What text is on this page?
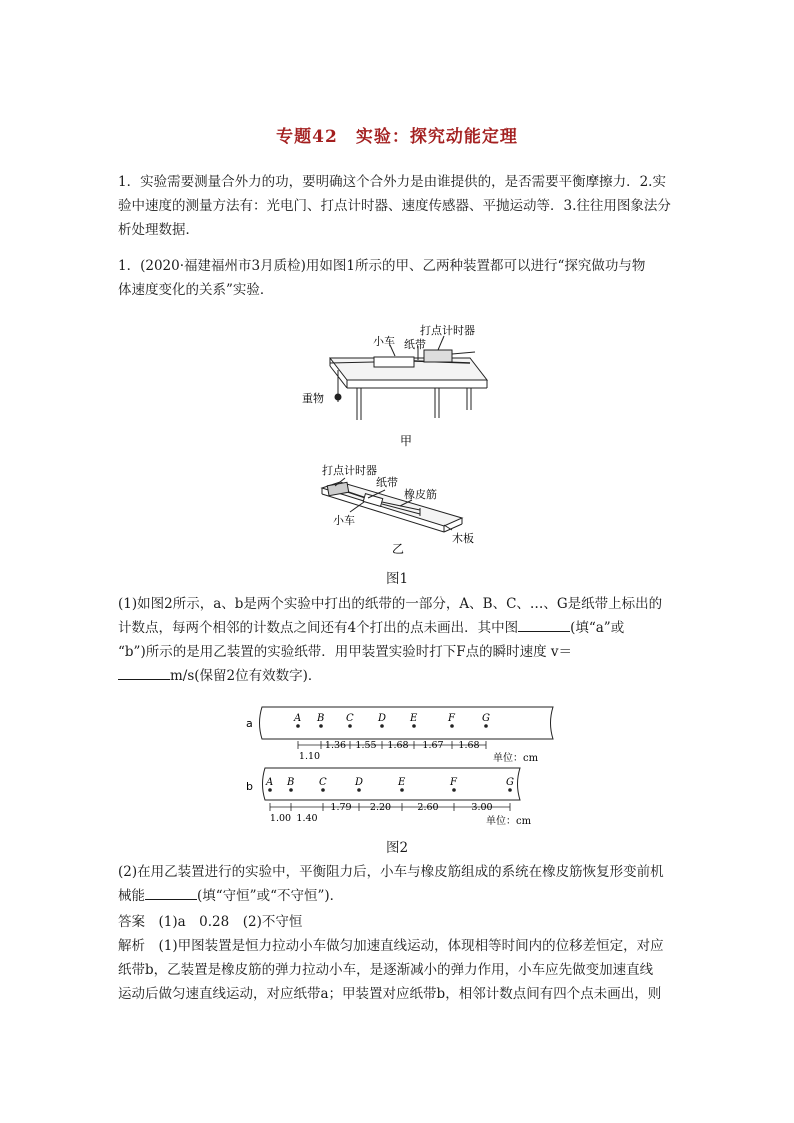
专题42　实验：探究动能定理
1．实验需要测量合外力的功，要明确这个合外力是由谁提供的，是否需要平衡摩擦力．2.实
验中速度的测量方法有：光电门、打点计时器、速度传感器、平抛运动等．3.往往用图象法分
析处理数据．
1．(2020·福建福州市3月质检)用如图1所示的甲、乙两种装置都可以进行“探究做功与物
体速度变化的关系”实验．
小车 纸带
打点计时器
重物
甲
打点计时器
纸带
橡皮筋
小车
木板
乙
图1
(1)如图2所示，a、b是两个实验中打出的纸带的一部分，A、B、C、…、G是纸带上标出的
计数点，每两个相邻的计数点之间还有4个打出的点未画出．其中图	(填“a”或
“b”)所示的是用乙装置的实验纸带．用甲装置实验时打下F点的瞬时速度 v＝
m/s(保留2位有效数字)．
a	A B C D E	F	G
1.10
1.36 1.55 1.68 1.67 1.68
单位：cm
b A B C	D	E	F	G
1.00 1.40
1.79 2.20	2.60	3.00
单位：cm
图2
(2)在用乙装置进行的实验中，平衡阻力后，小车与橡皮筋组成的系统在橡皮筋恢复形变前机
械能	(填“守恒”或“不守恒”)．
答案　(1)a　0.28　(2)不守恒
解析　(1)甲图装置是恒力拉动小车做匀加速直线运动，体现相等时间内的位移差恒定，对应
纸带b，乙装置是橡皮筋的弹力拉动小车，是逐渐减小的弹力作用，小车应先做变加速直线
运动后做匀速直线运动，对应纸带a；甲装置对应纸带b，相邻计数点间有四个点未画出，则
